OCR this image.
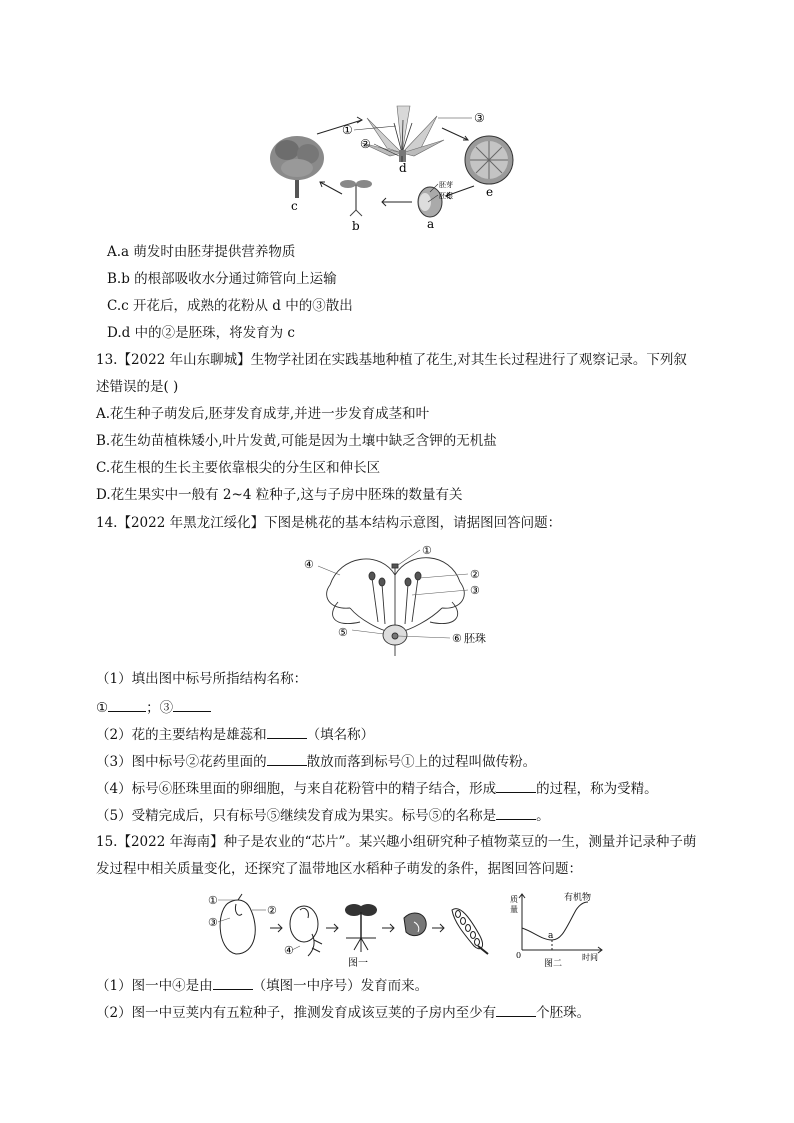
①
②
③
d
e
a
b
c
胚芽
胚根
A.a 萌发时由胚芽提供营养物质
B.b 的根部吸收水分通过筛管向上运输
C.c 开花后，成熟的花粉从 d 中的③散出
D.d 中的②是胚珠，将发育为 c
13.【2022 年山东聊城】生物学社团在实践基地种植了花生,对其生长过程进行了观察记录。下列叙
述错误的是( )
A.花生种子萌发后,胚芽发育成芽,并进一步发育成茎和叶
B.花生幼苗植株矮小,叶片发黄,可能是因为土壤中缺乏含钾的无机盐
C.花生根的生长主要依靠根尖的分生区和伸长区
D.花生果实中一般有 2~4 粒种子,这与子房中胚珠的数量有关
14.【2022 年黑龙江绥化】下图是桃花的基本结构示意图，请据图回答问题：
①
②
③
④
⑤	⑥ 胚珠
（1）填出图中标号所指结构名称：
①	；③
（2）花的主要结构是雄蕊和	（填名称）
（3）图中标号②花药里面的	散放而落到标号①上的过程叫做传粉。
（4）标号⑥胚珠里面的卵细胞，与来自花粉管中的精子结合，形成	的过程，称为受精。
（5）受精完成后，只有标号⑤继续发育成为果实。标号⑤的名称是	。
15.【2022 年海南】种子是农业的“芯片”。某兴趣小组研究种子植物菜豆的一生，测量并记录种子萌
发过程中相关质量变化，还探究了温带地区水稻种子萌发的条件，据图回答问题：
①
③
②
④
图一
质
量
有机物
a
0	时间
图二
（1）图一中④是由	（填图一中序号）发育而来。
（2）图一中豆荚内有五粒种子，推测发育成该豆荚的子房内至少有	个胚珠。
